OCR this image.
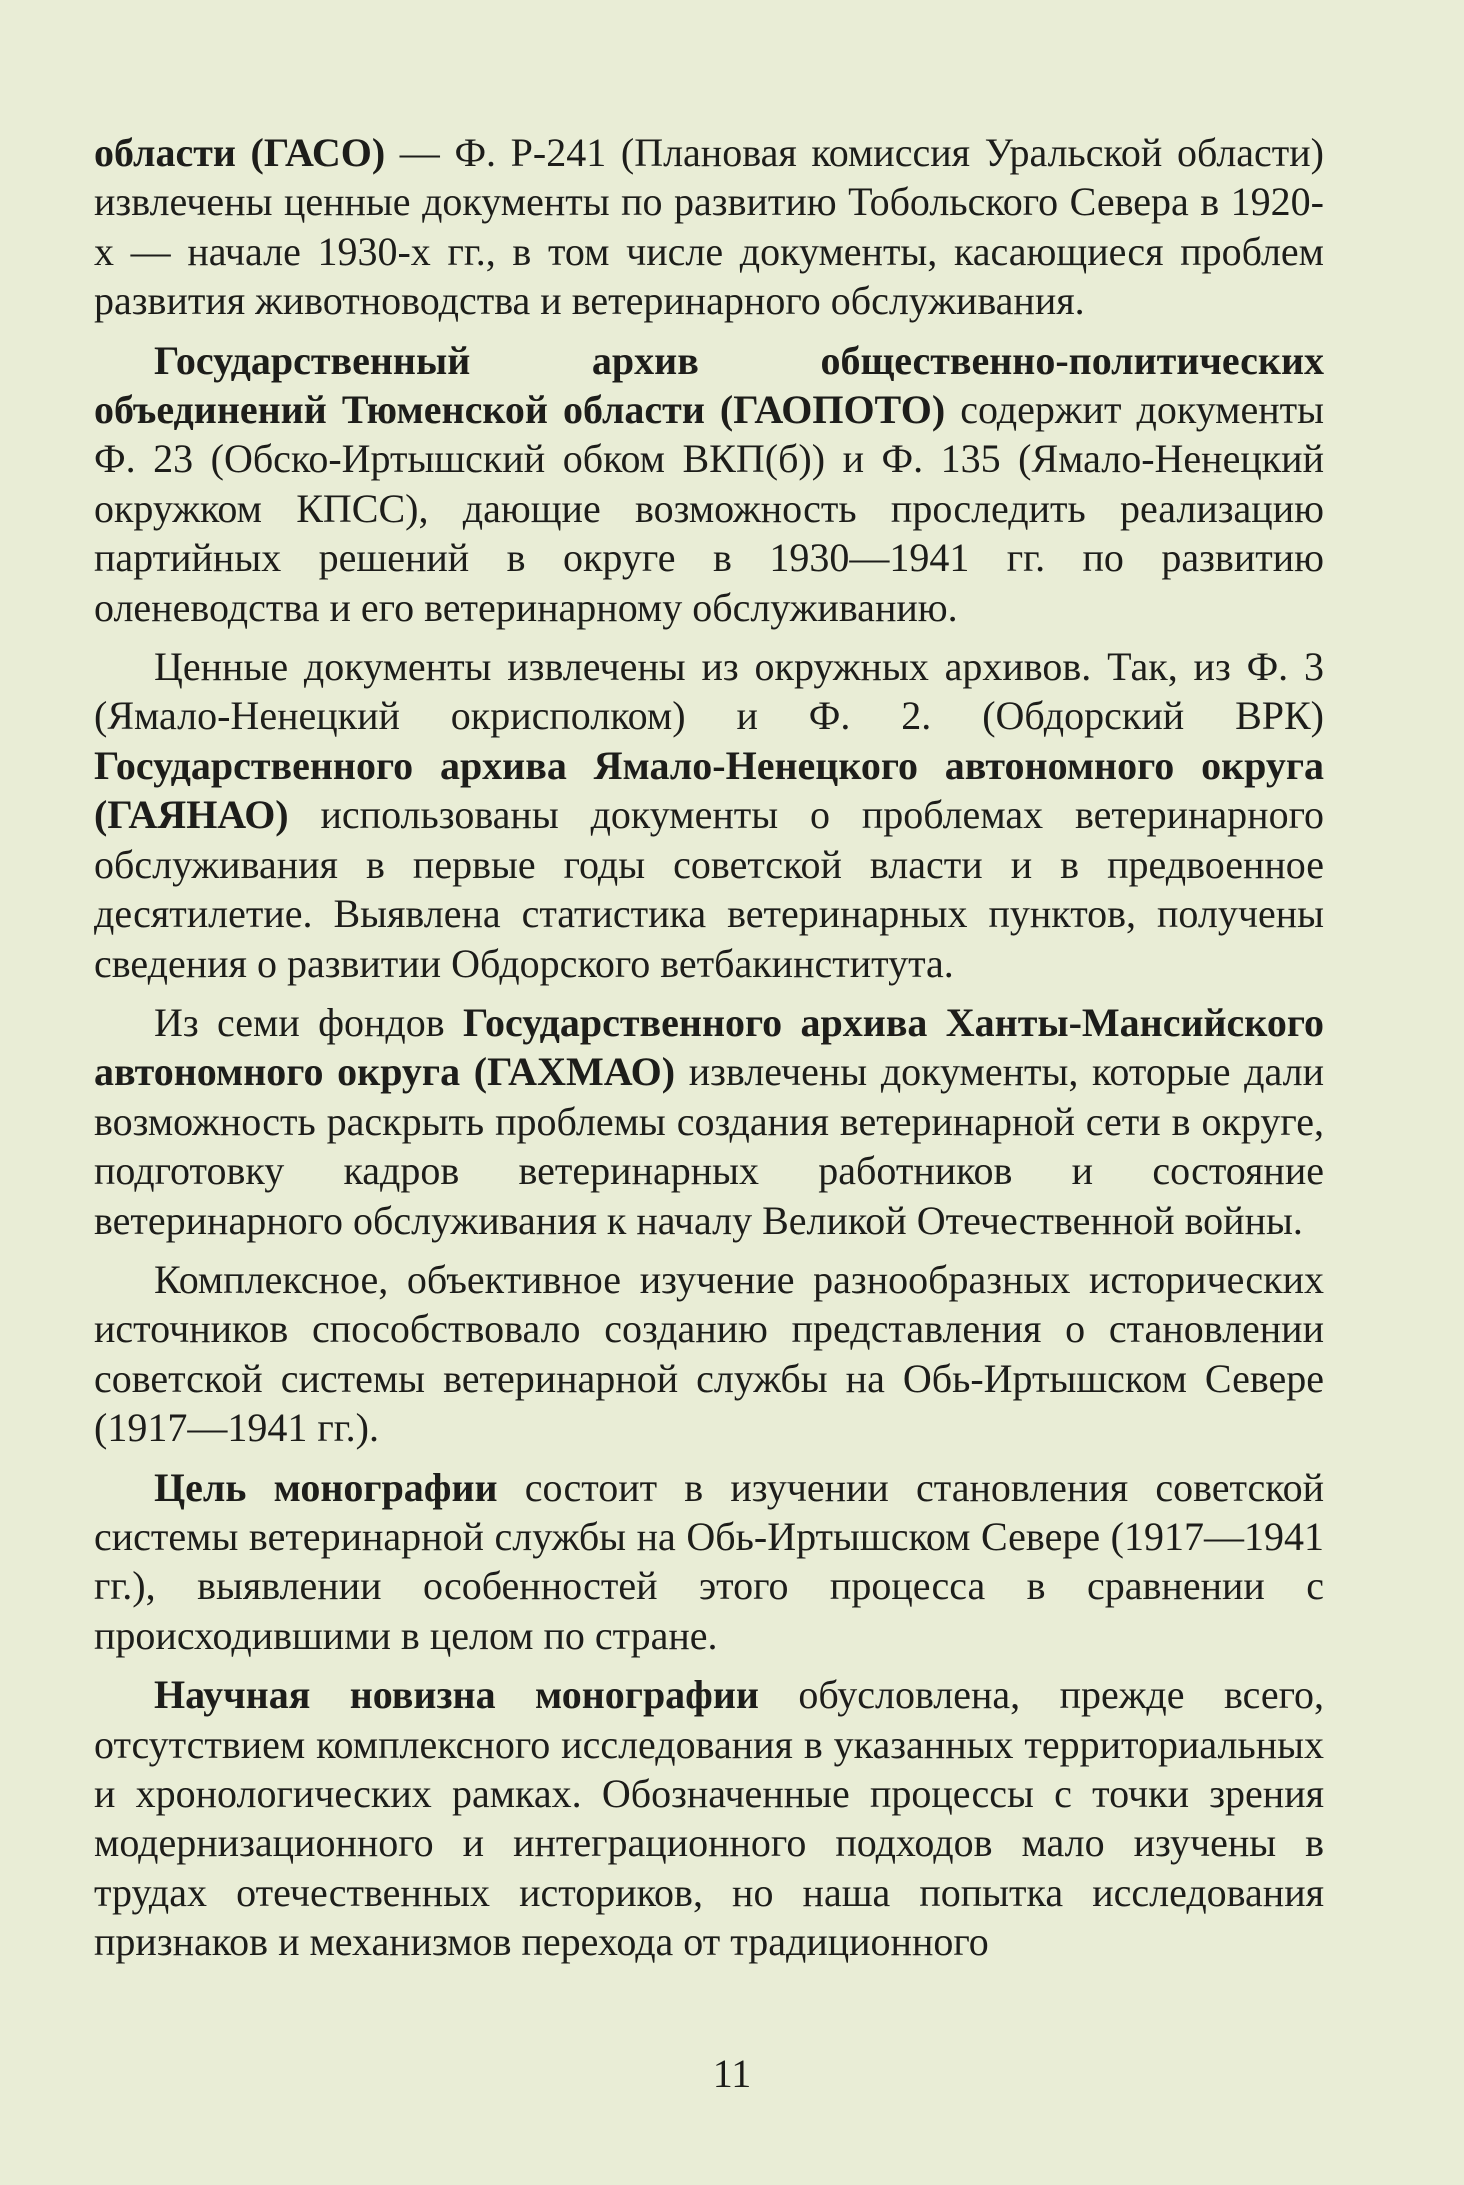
области (ГАСО) — Ф. Р-241 (Плановая комиссия Уральской области) извлечены ценные документы по развитию Тобольского Севера в 1920-х — начале 1930-х гг., в том числе документы, касающиеся проблем развития животноводства и ветеринарного обслуживания.

Государственный архив общественно-политических объединений Тюменской области (ГАОПОТО) содержит документы Ф. 23 (Обско-Иртышский обком ВКП(б)) и Ф. 135 (Ямало-Ненецкий окружком КПСС), дающие возможность проследить реализацию партийных решений в округе в 1930—1941 гг. по развитию оленеводства и его ветеринарному обслуживанию.

Ценные документы извлечены из окружных архивов. Так, из Ф. 3 (Ямало-Ненецкий окрисполком) и Ф. 2. (Обдорский ВРК) Государственного архива Ямало-Ненецкого автономного округа (ГАЯНАО) использованы документы о проблемах ветеринарного обслуживания в первые годы советской власти и в предвоенное десятилетие. Выявлена статистика ветеринарных пунктов, получены сведения о развитии Обдорского ветбакинститута.

Из семи фондов Государственного архива Ханты-Мансийского автономного округа (ГАХМАО) извлечены документы, которые дали возможность раскрыть проблемы создания ветеринарной сети в округе, подготовку кадров ветеринарных работников и состояние ветеринарного обслуживания к началу Великой Отечественной войны.

Комплексное, объективное изучение разнообразных исторических источников способствовало созданию представления о становлении советской системы ветеринарной службы на Обь-Иртышском Севере (1917—1941 гг.).

Цель монографии состоит в изучении становления советской системы ветеринарной службы на Обь-Иртышском Севере (1917—1941 гг.), выявлении особенностей этого процесса в сравнении с происходившими в целом по стране.

Научная новизна монографии обусловлена, прежде всего, отсутствием комплексного исследования в указанных территориальных и хронологических рамках. Обозначенные процессы с точки зрения модернизационного и интеграционного подходов мало изучены в трудах отечественных историков, но наша попытка исследования признаков и механизмов перехода от традиционного

11
